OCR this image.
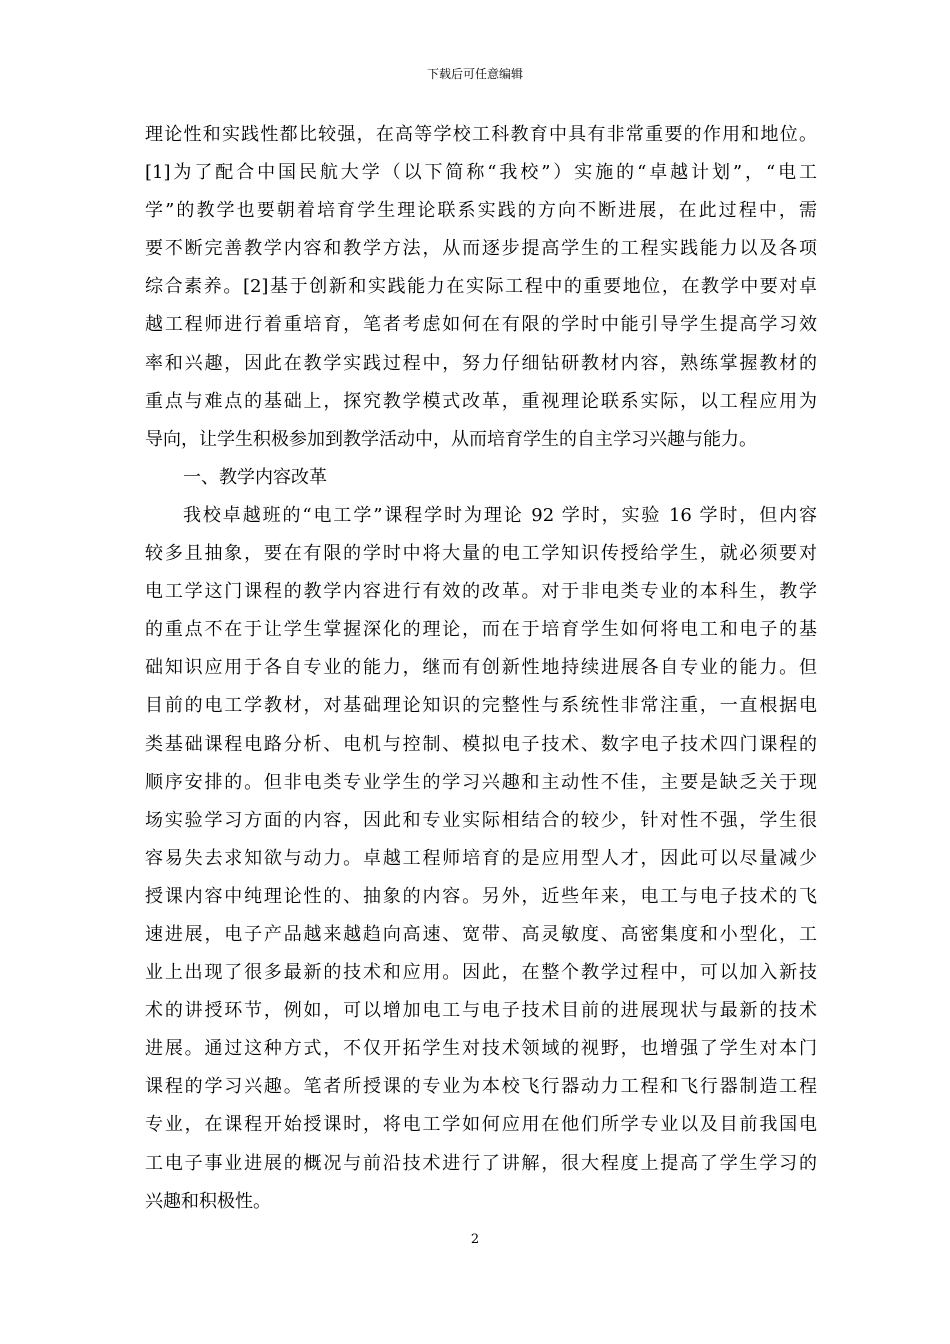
下载后可任意编辑
理论性和实践性都比较强，在高等学校工科教育中具有非常重要的作用和地位。
[1]为了配合中国民航大学（以下简称“我校”）实施的“卓越计划”，“电工
学”的教学也要朝着培育学生理论联系实践的方向不断进展，在此过程中，需
要不断完善教学内容和教学方法，从而逐步提高学生的工程实践能力以及各项
综合素养。[2]基于创新和实践能力在实际工程中的重要地位，在教学中要对卓
越工程师进行着重培育，笔者考虑如何在有限的学时中能引导学生提高学习效
率和兴趣，因此在教学实践过程中，努力仔细钻研教材内容，熟练掌握教材的
重点与难点的基础上，探究教学模式改革，重视理论联系实际，以工程应用为
导向，让学生积极参加到教学活动中，从而培育学生的自主学习兴趣与能力。
一、教学内容改革
我校卓越班的“电工学”课程学时为理论 92 学时，实验 16 学时，但内容
较多且抽象，要在有限的学时中将大量的电工学知识传授给学生，就必须要对
电工学这门课程的教学内容进行有效的改革。对于非电类专业的本科生，教学
的重点不在于让学生掌握深化的理论，而在于培育学生如何将电工和电子的基
础知识应用于各自专业的能力，继而有创新性地持续进展各自专业的能力。但
目前的电工学教材，对基础理论知识的完整性与系统性非常注重，一直根据电
类基础课程电路分析、电机与控制、模拟电子技术、数字电子技术四门课程的
顺序安排的。但非电类专业学生的学习兴趣和主动性不佳，主要是缺乏关于现
场实验学习方面的内容，因此和专业实际相结合的较少，针对性不强，学生很
容易失去求知欲与动力。卓越工程师培育的是应用型人才，因此可以尽量减少
授课内容中纯理论性的、抽象的内容。另外，近些年来，电工与电子技术的飞
速进展，电子产品越来越趋向高速、宽带、高灵敏度、高密集度和小型化，工
业上出现了很多最新的技术和应用。因此，在整个教学过程中，可以加入新技
术的讲授环节，例如，可以增加电工与电子技术目前的进展现状与最新的技术
进展。通过这种方式，不仅开拓学生对技术领域的视野，也增强了学生对本门
课程的学习兴趣。笔者所授课的专业为本校飞行器动力工程和飞行器制造工程
专业，在课程开始授课时，将电工学如何应用在他们所学专业以及目前我国电
工电子事业进展的概况与前沿技术进行了讲解，很大程度上提高了学生学习的
兴趣和积极性。
2
